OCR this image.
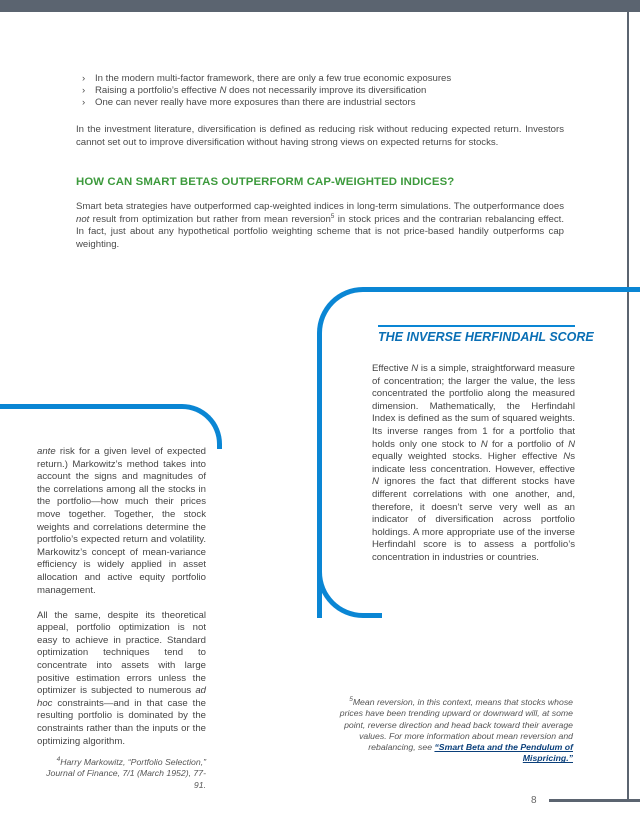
› In the modern multi-factor framework, there are only a few true economic exposures
› Raising a portfolio’s effective N does not necessarily improve its diversification
› One can never really have more exposures than there are industrial sectors
In the investment literature, diversification is defined as reducing risk without reducing expected return. Investors cannot set out to improve diversification without having strong views on expected returns for stocks.
HOW CAN SMART BETAS OUTPERFORM CAP-WEIGHTED INDICES?
Smart beta strategies have outperformed cap-weighted indices in long-term simulations. The outperformance does not result from optimization but rather from mean reversion$^5$ in stock prices and the contrarian rebalancing effect. In fact, just about any hypothetical portfolio weighting scheme that is not price-based handily outperforms cap weighting.
THE INVERSE HERFINDAHL SCORE
Effective N is a simple, straightforward measure of concentration; the larger the value, the less concentrated the portfolio along the measured dimension. Mathematically, the Herfindahl Index is defined as the sum of squared weights. Its inverse ranges from 1 for a portfolio that holds only one stock to N for a portfolio of N equally weighted stocks. Higher effective Ns indicate less concentration. However, effective N ignores the fact that different stocks have different correlations with one another, and, therefore, it doesn’t serve very well as an indicator of diversification across portfolio holdings. A more appropriate use of the inverse Herfindahl score is to assess a portfolio’s concentration in industries or countries.

ante risk for a given level of expected return.) Markowitz’s method takes into account the signs and magnitudes of the correlations among all the stocks in the portfolio—how much their prices move together. Together, the stock weights and correlations determine the portfolio’s expected return and volatility. Markowitz’s concept of mean-variance efficiency is widely applied in asset allocation and active equity portfolio management.

All the same, despite its theoretical appeal, portfolio optimization is not easy to achieve in practice. Standard optimization techniques tend to concentrate into assets with large positive estimation errors unless the optimizer is subjected to numerous ad hoc constraints—and in that case the resulting portfolio is dominated by the constraints rather than the inputs or the optimizing algorithm.

$^4$Harry Markowitz, “Portfolio Selection,” Journal of Finance, 7/1 (March 1952), 77-91.
$^5$Mean reversion, in this context, means that stocks whose prices have been trending upward or downward will, at some point, reverse direction and head back toward their average values. For more information about mean reversion and rebalancing, see “Smart Beta and the Pendulum of Mispricing.”
8
